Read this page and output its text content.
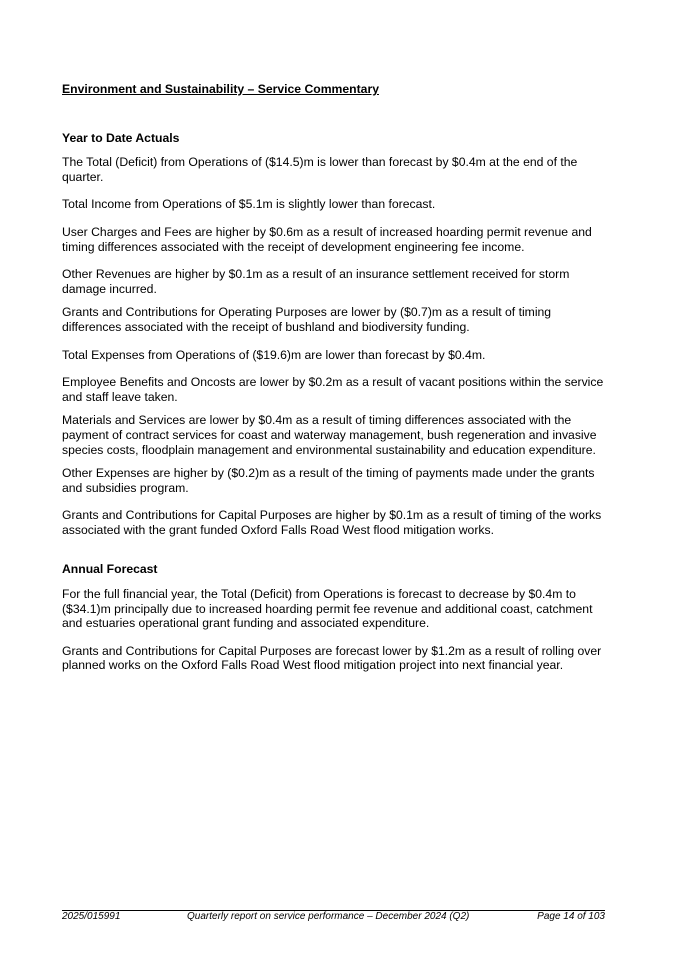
Environment and Sustainability – Service Commentary

Year to Date Actuals

The Total (Deficit) from Operations of ($14.5)m is lower than forecast by $0.4m at the end of the quarter.

Total Income from Operations of $5.1m is slightly lower than forecast.

User Charges and Fees are higher by $0.6m as a result of increased hoarding permit revenue and timing differences associated with the receipt of development engineering fee income.

Other Revenues are higher by $0.1m as a result of an insurance settlement received for storm damage incurred.

Grants and Contributions for Operating Purposes are lower by ($0.7)m as a result of timing differences associated with the receipt of bushland and biodiversity funding.

Total Expenses from Operations of ($19.6)m are lower than forecast by $0.4m.

Employee Benefits and Oncosts are lower by $0.2m as a result of vacant positions within the service and staff leave taken.

Materials and Services are lower by $0.4m as a result of timing differences associated with the payment of contract services for coast and waterway management, bush regeneration and invasive species costs, floodplain management and environmental sustainability and education expenditure.

Other Expenses are higher by ($0.2)m as a result of the timing of payments made under the grants and subsidies program.

Grants and Contributions for Capital Purposes are higher by $0.1m as a result of timing of the works associated with the grant funded Oxford Falls Road West flood mitigation works.

Annual Forecast

For the full financial year, the Total (Deficit) from Operations is forecast to decrease by $0.4m to ($34.1)m principally due to increased hoarding permit fee revenue and additional coast, catchment and estuaries operational grant funding and associated expenditure.

Grants and Contributions for Capital Purposes are forecast lower by $1.2m as a result of rolling over planned works on the Oxford Falls Road West flood mitigation project into next financial year.

2025/015991	Quarterly report on service performance – December 2024 (Q2)	Page 14 of 103
